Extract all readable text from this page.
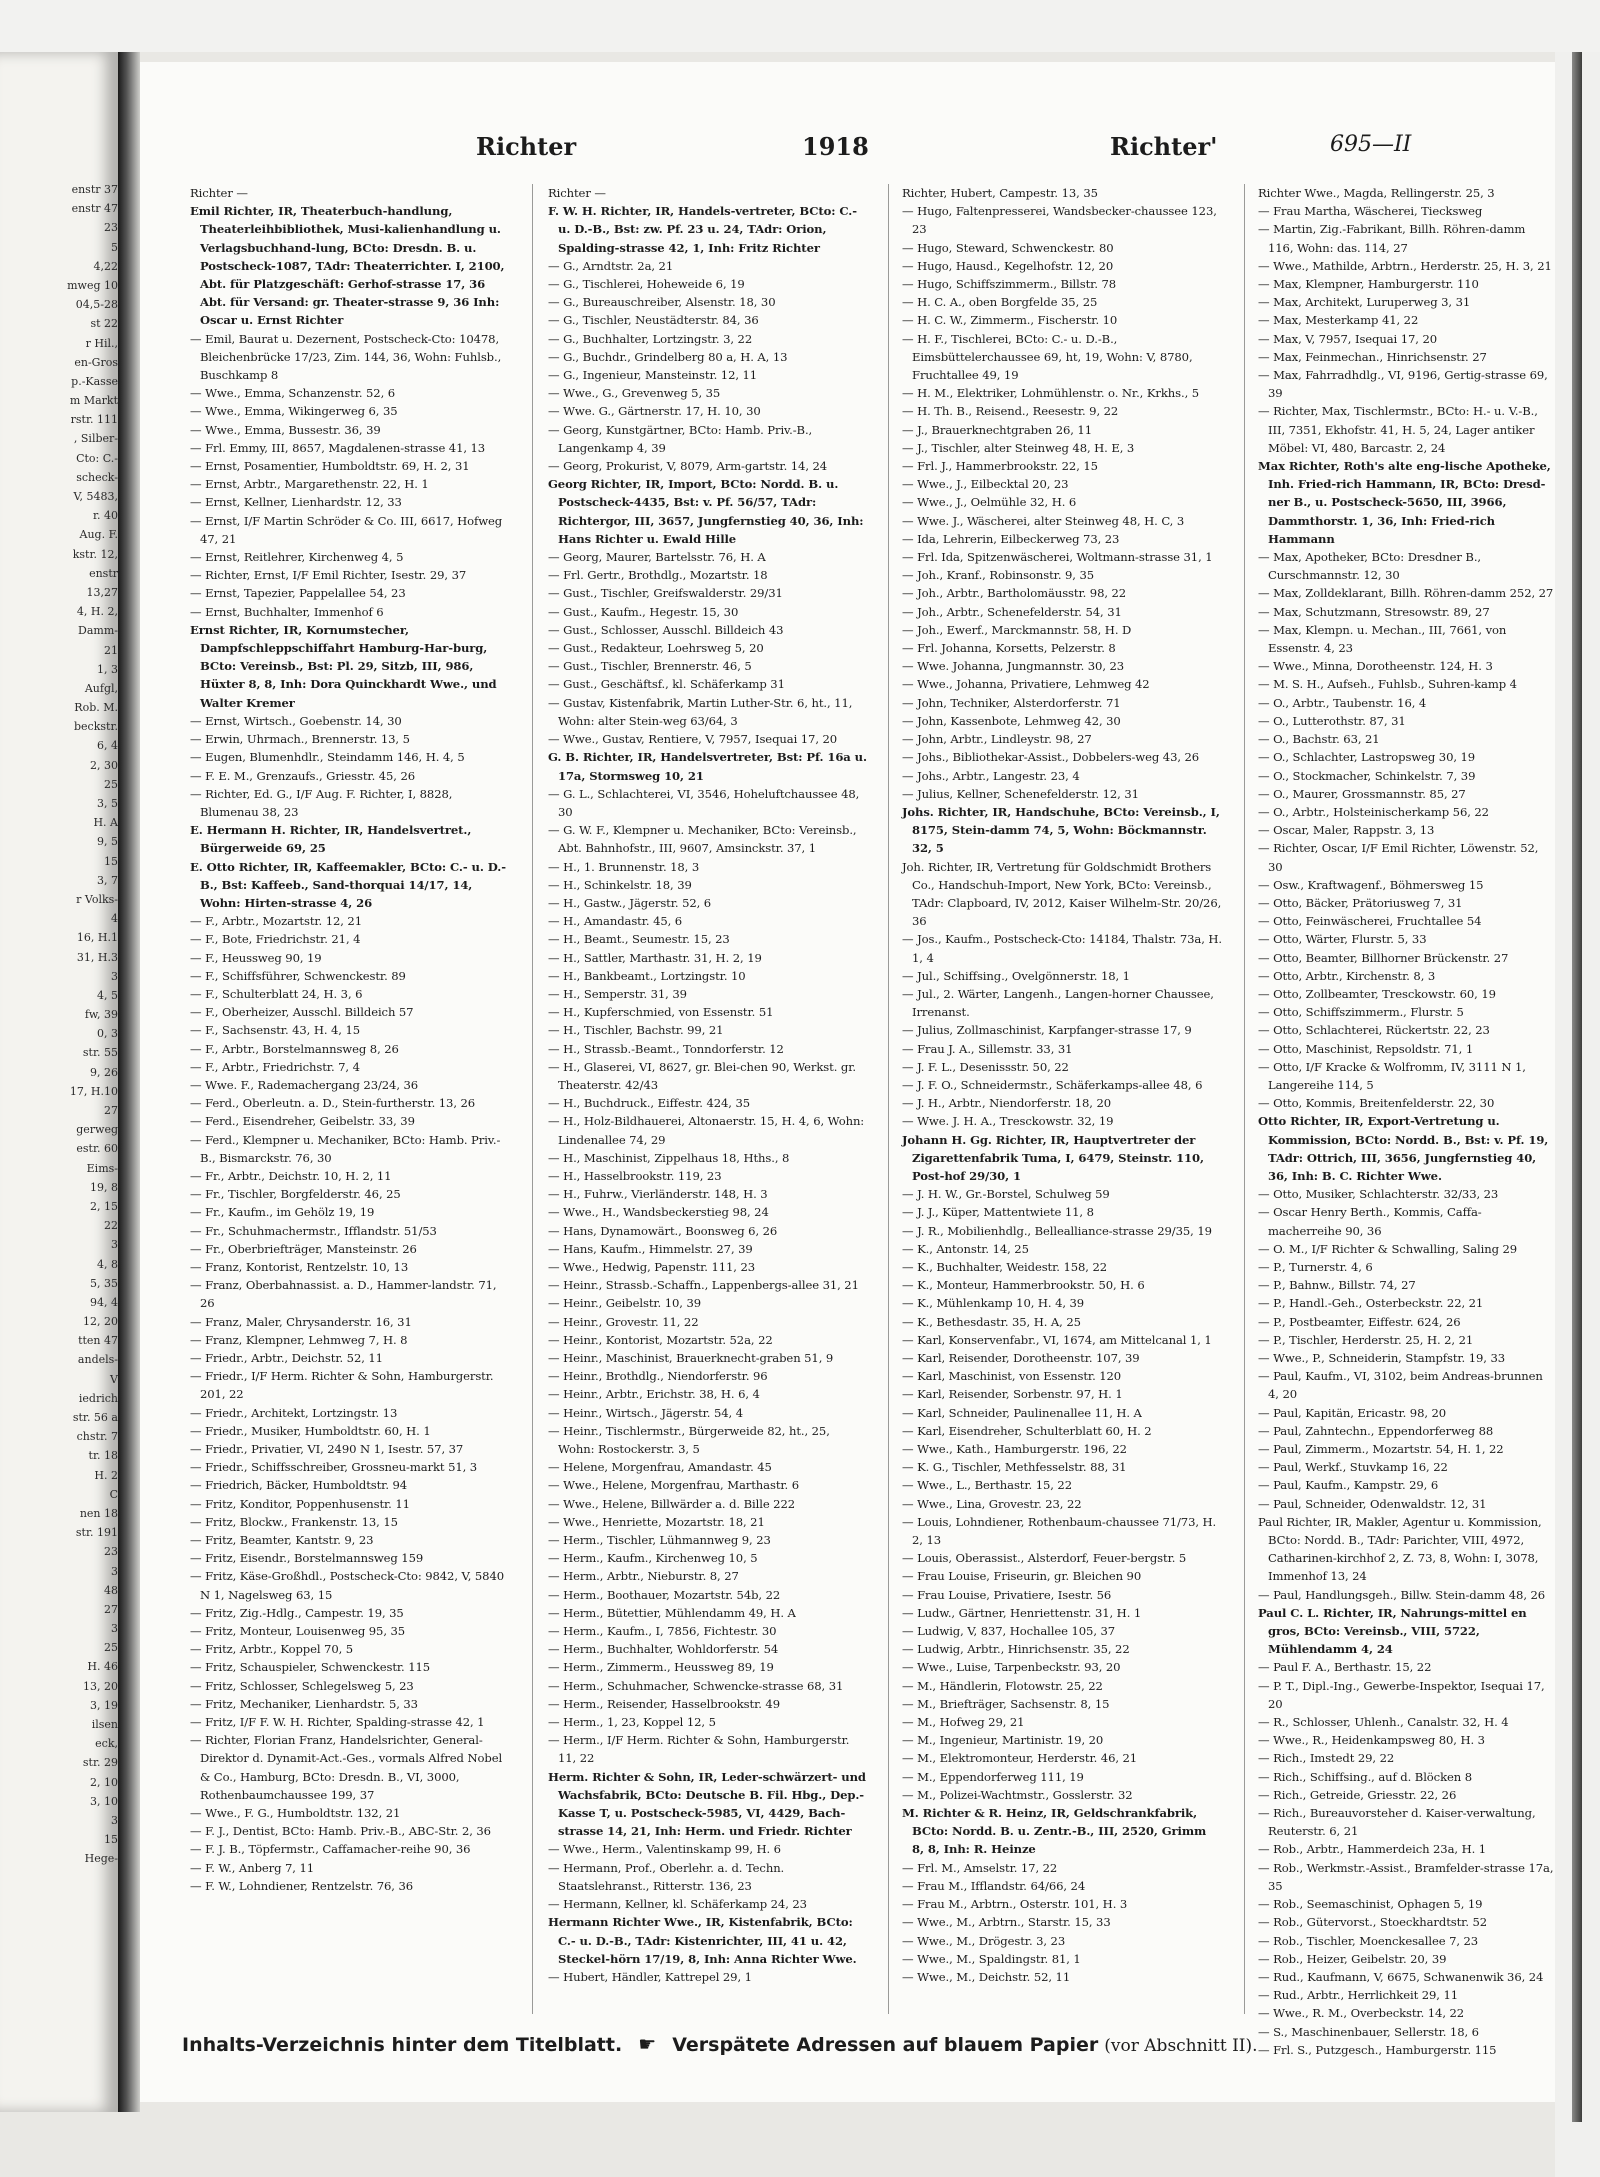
enstr 37
enstr 47
23
5
4,22
mweg 10
04,5-28
st 22
r Hil.,
en-Gros
p.-Kasse
m Markt
rstr. 111
, Silber-
Cto: C.-
scheck-
V, 5483,
r. 40
Aug. F.
kstr. 12,
enstr
13,27
4, H. 2,
Damm-
21
1, 3
Aufgl,
Rob. M.
beckstr.
6, 4
2, 30
25
3, 5
H. A
9, 5
15
3, 7
r Volks-
4
16, H.1
31, H.3
3
4, 5
fw, 39
0, 3
str. 55
9, 26
17, H.10
27
gerweg
estr. 60
Eims-
19, 8
2, 15
22
3
4, 8
5, 35
94, 4
12, 20
tten 47
andels-
V
iedrich
str. 56 a
chstr. 7
tr. 18
H. 2
C
nen 18
str. 191
23
3
48
27
3
25
H. 46
13, 20
3, 19
ilsen
eck,
str. 29
2, 10
3, 10
3
15
Hege-
Richter	1918	Richter'	695—II
Richter —
Emil Richter, IR, Theaterbuch-handlung, Theaterleihbibliothek, Musi-kalienhandlung u. Verlagsbuchhand-lung, BCto: Dresdn. B. u. Postscheck-1087, TAdr: Theaterrichter. I, 2100, Abt. für Platzgeschäft: Gerhof-strasse 17, 36 Abt. für Versand: gr. Theater-strasse 9, 36 Inh: Oscar u. Ernst Richter
— Emil, Baurat u. Dezernent, Postscheck-Cto: 10478, Bleichenbrücke 17/23, Zim. 144, 36, Wohn: Fuhlsb., Buschkamp 8
— Wwe., Emma, Schanzenstr. 52, 6
— Wwe., Emma, Wikingerweg 6, 35
— Wwe., Emma, Bussestr. 36, 39
— Frl. Emmy, III, 8657, Magdalenen-strasse 41, 13
— Ernst, Posamentier, Humboldtstr. 69, H. 2, 31
— Ernst, Arbtr., Margarethenstr. 22, H. 1
— Ernst, Kellner, Lienhardstr. 12, 33
— Ernst, I/F Martin Schröder & Co. III, 6617, Hofweg 47, 21
— Ernst, Reitlehrer, Kirchenweg 4, 5
— Richter, Ernst, I/F Emil Richter, Isestr. 29, 37
— Ernst, Tapezier, Pappelallee 54, 23
— Ernst, Buchhalter, Immenhof 6
Ernst Richter, IR, Kornumstecher, Dampfschleppschiffahrt Hamburg-Har-burg, BCto: Vereinsb., Bst: Pl. 29, Sitzb, III, 986, Hüxter 8, 8, Inh: Dora Quinckhardt Wwe., und Walter Kremer
— Ernst, Wirtsch., Goebenstr. 14, 30
— Erwin, Uhrmach., Brennerstr. 13, 5
— Eugen, Blumenhdlr., Steindamm 146, H. 4, 5
— F. E. M., Grenzaufs., Griesstr. 45, 26
— Richter, Ed. G., I/F Aug. F. Richter, I, 8828, Blumenau 38, 23
E. Hermann H. Richter, IR, Handelsvertret., Bürgerweide 69, 25
E. Otto Richter, IR, Kaffeemakler, BCto: C.- u. D.-B., Bst: Kaffeeb., Sand-thorquai 14/17, 14, Wohn: Hirten-strasse 4, 26
— F., Arbtr., Mozartstr. 12, 21
— F., Bote, Friedrichstr. 21, 4
— F., Heussweg 90, 19
— F., Schiffsführer, Schwenckestr. 89
— F., Schulterblatt 24, H. 3, 6
— F., Oberheizer, Ausschl. Billdeich 57
— F., Sachsenstr. 43, H. 4, 15
— F., Arbtr., Borstelmannsweg 8, 26
— F., Arbtr., Friedrichstr. 7, 4
— Wwe. F., Rademachergang 23/24, 36
— Ferd., Oberleutn. a. D., Stein-furtherstr. 13, 26
— Ferd., Eisendreher, Geibelstr. 33, 39
— Ferd., Klempner u. Mechaniker, BCto: Hamb. Priv.-B., Bismarckstr. 76, 30
— Fr., Arbtr., Deichstr. 10, H. 2, 11
— Fr., Tischler, Borgfelderstr. 46, 25
— Fr., Kaufm., im Gehölz 19, 19
— Fr., Schuhmachermstr., Ifflandstr. 51/53
— Fr., Oberbriefträger, Mansteinstr. 26
— Franz, Kontorist, Rentzelstr. 10, 13
— Franz, Oberbahnassist. a. D., Hammer-landstr. 71, 26
— Franz, Maler, Chrysanderstr. 16, 31
— Franz, Klempner, Lehmweg 7, H. 8
— Friedr., Arbtr., Deichstr. 52, 11
— Friedr., I/F Herm. Richter & Sohn, Hamburgerstr. 201, 22
— Friedr., Architekt, Lortzingstr. 13
— Friedr., Musiker, Humboldtstr. 60, H. 1
— Friedr., Privatier, VI, 2490 N 1, Isestr. 57, 37
— Friedr., Schiffsschreiber, Grossneu-markt 51, 3
— Friedrich, Bäcker, Humboldtstr. 94
— Fritz, Konditor, Poppenhusenstr. 11
— Fritz, Blockw., Frankenstr. 13, 15
— Fritz, Beamter, Kantstr. 9, 23
— Fritz, Eisendr., Borstelmannsweg 159
— Fritz, Käse-Großhdl., Postscheck-Cto: 9842, V, 5840 N 1, Nagelsweg 63, 15
— Fritz, Zig.-Hdlg., Campestr. 19, 35
— Fritz, Monteur, Louisenweg 95, 35
— Fritz, Arbtr., Koppel 70, 5
— Fritz, Schauspieler, Schwenckestr. 115
— Fritz, Schlosser, Schlegelsweg 5, 23
— Fritz, Mechaniker, Lienhardstr. 5, 33
— Fritz, I/F F. W. H. Richter, Spalding-strasse 42, 1
— Richter, Florian Franz, Handelsrichter, General-Direktor d. Dynamit-Act.-Ges., vormals Alfred Nobel & Co., Hamburg, BCto: Dresdn. B., VI, 3000, Rothenbaumchaussee 199, 37
— Wwe., F. G., Humboldtstr. 132, 21
— F. J., Dentist, BCto: Hamb. Priv.-B., ABC-Str. 2, 36
— F. J. B., Töpfermstr., Caffamacher-reihe 90, 36
— F. W., Anberg 7, 11
— F. W., Lohndiener, Rentzelstr. 76, 36
Richter —
F. W. H. Richter, IR, Handels-vertreter, BCto: C.- u. D.-B., Bst: zw. Pf. 23 u. 24, TAdr: Orion, Spalding-strasse 42, 1, Inh: Fritz Richter
— G., Arndtstr. 2a, 21
— G., Tischlerei, Hoheweide 6, 19
— G., Bureauschreiber, Alsenstr. 18, 30
— G., Tischler, Neustädterstr. 84, 36
— G., Buchhalter, Lortzingstr. 3, 22
— G., Buchdr., Grindelberg 80 a, H. A, 13
— G., Ingenieur, Mansteinstr. 12, 11
— Wwe., G., Grevenweg 5, 35
— Wwe. G., Gärtnerstr. 17, H. 10, 30
— Georg, Kunstgärtner, BCto: Hamb. Priv.-B., Langenkamp 4, 39
— Georg, Prokurist, V, 8079, Arm-gartstr. 14, 24
Georg Richter, IR, Import, BCto: Nordd. B. u. Postscheck-4435, Bst: v. Pf. 56/57, TAdr: Richtergor, III, 3657, Jungfernstieg 40, 36, Inh: Hans Richter u. Ewald Hille
— Georg, Maurer, Bartelsstr. 76, H. A
— Frl. Gertr., Brothdlg., Mozartstr. 18
— Gust., Tischler, Greifswalderstr. 29/31
— Gust., Kaufm., Hegestr. 15, 30
— Gust., Schlosser, Ausschl. Billdeich 43
— Gust., Redakteur, Loehrsweg 5, 20
— Gust., Tischler, Brennerstr. 46, 5
— Gust., Geschäftsf., kl. Schäferkamp 31
— Gustav, Kistenfabrik, Martin Luther-Str. 6, ht., 11, Wohn: alter Stein-weg 63/64, 3
— Wwe., Gustav, Rentiere, V, 7957, Isequai 17, 20
G. B. Richter, IR, Handelsvertreter, Bst: Pf. 16a u. 17a, Stormsweg 10, 21
— G. L., Schlachterei, VI, 3546, Hoheluftchaussee 48, 30
— G. W. F., Klempner u. Mechaniker, BCto: Vereinsb., Abt. Bahnhofstr., III, 9607, Amsinckstr. 37, 1
— H., 1. Brunnenstr. 18, 3
— H., Schinkelstr. 18, 39
— H., Gastw., Jägerstr. 52, 6
— H., Amandastr. 45, 6
— H., Beamt., Seumestr. 15, 23
— H., Sattler, Marthastr. 31, H. 2, 19
— H., Bankbeamt., Lortzingstr. 10
— H., Semperstr. 31, 39
— H., Kupferschmied, von Essenstr. 51
— H., Tischler, Bachstr. 99, 21
— H., Strassb.-Beamt., Tonndorferstr. 12
— H., Glaserei, VI, 8627, gr. Blei-chen 90, Werkst. gr. Theaterstr. 42/43
— H., Buchdruck., Eiffestr. 424, 35
— H., Holz-Bildhauerei, Altonaerstr. 15, H. 4, 6, Wohn: Lindenallee 74, 29
— H., Maschinist, Zippelhaus 18, Hths., 8
— H., Hasselbrookstr. 119, 23
— H., Fuhrw., Vierländerstr. 148, H. 3
— Wwe., H., Wandsbeckerstieg 98, 24
— Hans, Dynamowärt., Boonsweg 6, 26
— Hans, Kaufm., Himmelstr. 27, 39
— Wwe., Hedwig, Papenstr. 111, 23
— Heinr., Strassb.-Schaffn., Lappenbergs-allee 31, 21
— Heinr., Geibelstr. 10, 39
— Heinr., Grovestr. 11, 22
— Heinr., Kontorist, Mozartstr. 52a, 22
— Heinr., Maschinist, Brauerknecht-graben 51, 9
— Heinr., Brothdlg., Niendorferstr. 96
— Heinr., Arbtr., Erichstr. 38, H. 6, 4
— Heinr., Wirtsch., Jägerstr. 54, 4
— Heinr., Tischlermstr., Bürgerweide 82, ht., 25, Wohn: Rostockerstr. 3, 5
— Helene, Morgenfrau, Amandastr. 45
— Wwe., Helene, Morgenfrau, Marthastr. 6
— Wwe., Helene, Billwärder a. d. Bille 222
— Wwe., Henriette, Mozartstr. 18, 21
— Herm., Tischler, Lühmannweg 9, 23
— Herm., Kaufm., Kirchenweg 10, 5
— Herm., Arbtr., Nieburstr. 8, 27
— Herm., Boothauer, Mozartstr. 54b, 22
— Herm., Bütettier, Mühlendamm 49, H. A
— Herm., Kaufm., I, 7856, Fichtestr. 30
— Herm., Buchhalter, Wohldorferstr. 54
— Herm., Zimmerm., Heussweg 89, 19
— Herm., Schuhmacher, Schwencke-strasse 68, 31
— Herm., Reisender, Hasselbrookstr. 49
— Herm., 1, 23, Koppel 12, 5
— Herm., I/F Herm. Richter & Sohn, Hamburgerstr. 11, 22
Herm. Richter & Sohn, IR, Leder-schwärzert- und Wachsfabrik, BCto: Deutsche B. Fil. Hbg., Dep.-Kasse T, u. Postscheck-5985, VI, 4429, Bach-strasse 14, 21, Inh: Herm. und Friedr. Richter
— Wwe., Herm., Valentinskamp 99, H. 6
— Hermann, Prof., Oberlehr. a. d. Techn. Staatslehranst., Ritterstr. 136, 23
— Hermann, Kellner, kl. Schäferkamp 24, 23
Hermann Richter Wwe., IR, Kistenfabrik, BCto: C.- u. D.-B., TAdr: Kistenrichter, III, 41 u. 42, Steckel-hörn 17/19, 8, Inh: Anna Richter Wwe.
— Hubert, Händler, Kattrepel 29, 1
Richter, Hubert, Campestr. 13, 35
— Hugo, Faltenpresserei, Wandsbecker-chaussee 123, 23
— Hugo, Steward, Schwenckestr. 80
— Hugo, Hausd., Kegelhofstr. 12, 20
— Hugo, Schiffszimmerm., Billstr. 78
— H. C. A., oben Borgfelde 35, 25
— H. C. W., Zimmerm., Fischerstr. 10
— H. F., Tischlerei, BCto: C.- u. D.-B., Eimsbüttelerchaussee 69, ht, 19, Wohn: V, 8780, Fruchtallee 49, 19
— H. M., Elektriker, Lohmühlenstr. o. Nr., Krkhs., 5
— H. Th. B., Reisend., Reesestr. 9, 22
— J., Brauerknechtgraben 26, 11
— J., Tischler, alter Steinweg 48, H. E, 3
— Frl. J., Hammerbrookstr. 22, 15
— Wwe., J., Eilbecktal 20, 23
— Wwe., J., Oelmühle 32, H. 6
— Wwe. J., Wäscherei, alter Steinweg 48, H. C, 3
— Ida, Lehrerin, Eilbeckerweg 73, 23
— Frl. Ida, Spitzenwäscherei, Woltmann-strasse 31, 1
— Joh., Kranf., Robinsonstr. 9, 35
— Joh., Arbtr., Bartholomäusstr. 98, 22
— Joh., Arbtr., Schenefelderstr. 54, 31
— Joh., Ewerf., Marckmannstr. 58, H. D
— Frl. Johanna, Korsetts, Pelzerstr. 8
— Wwe. Johanna, Jungmannstr. 30, 23
— Wwe., Johanna, Privatiere, Lehmweg 42
— John, Techniker, Alsterdorferstr. 71
— John, Kassenbote, Lehmweg 42, 30
— John, Arbtr., Lindleystr. 98, 27
— Johs., Bibliothekar-Assist., Dobbelers-weg 43, 26
— Johs., Arbtr., Langestr. 23, 4
— Julius, Kellner, Schenefelderstr. 12, 31
Johs. Richter, IR, Handschuhe, BCto: Vereinsb., I, 8175, Stein-damm 74, 5, Wohn: Böckmannstr. 32, 5
Joh. Richter, IR, Vertretung für Goldschmidt Brothers Co., Handschuh-Import, New York, BCto: Vereinsb., TAdr: Clapboard, IV, 2012, Kaiser Wilhelm-Str. 20/26, 36
— Jos., Kaufm., Postscheck-Cto: 14184, Thalstr. 73a, H. 1, 4
— Jul., Schiffsing., Ovelgönnerstr. 18, 1
— Jul., 2. Wärter, Langenh., Langen-horner Chaussee, Irrenanst.
— Julius, Zollmaschinist, Karpfanger-strasse 17, 9
— Frau J. A., Sillemstr. 33, 31
— J. F. L., Desenissstr. 50, 22
— J. F. O., Schneidermstr., Schäferkamps-allee 48, 6
— J. H., Arbtr., Niendorferstr. 18, 20
— Wwe. J. H. A., Tresckowstr. 32, 19
Johann H. Gg. Richter, IR, Hauptvertreter der Zigarettenfabrik Tuma, I, 6479, Steinstr. 110, Post-hof 29/30, 1
— J. H. W., Gr.-Borstel, Schulweg 59
— J. J., Küper, Mattentwiete 11, 8
— J. R., Mobilienhdlg., Bellealliance-strasse 29/35, 19
— K., Antonstr. 14, 25
— K., Buchhalter, Weidestr. 158, 22
— K., Monteur, Hammerbrookstr. 50, H. 6
— K., Mühlenkamp 10, H. 4, 39
— K., Bethesdastr. 35, H. A, 25
— Karl, Konservenfabr., VI, 1674, am Mittelcanal 1, 1
— Karl, Reisender, Dorotheenstr. 107, 39
— Karl, Maschinist, von Essenstr. 120
— Karl, Reisender, Sorbenstr. 97, H. 1
— Karl, Schneider, Paulinenallee 11, H. A
— Karl, Eisendreher, Schulterblatt 60, H. 2
— Wwe., Kath., Hamburgerstr. 196, 22
— K. G., Tischler, Methfesselstr. 88, 31
— Wwe., L., Berthastr. 15, 22
— Wwe., Lina, Grovestr. 23, 22
— Louis, Lohndiener, Rothenbaum-chaussee 71/73, H. 2, 13
— Louis, Oberassist., Alsterdorf, Feuer-bergstr. 5
— Frau Louise, Friseurin, gr. Bleichen 90
— Frau Louise, Privatiere, Isestr. 56
— Ludw., Gärtner, Henriettenstr. 31, H. 1
— Ludwig, V, 837, Hochallee 105, 37
— Ludwig, Arbtr., Hinrichsenstr. 35, 22
— Wwe., Luise, Tarpenbeckstr. 93, 20
— M., Händlerin, Flotowstr. 25, 22
— M., Briefträger, Sachsenstr. 8, 15
— M., Hofweg 29, 21
— M., Ingenieur, Martinistr. 19, 20
— M., Elektromonteur, Herderstr. 46, 21
— M., Eppendorferweg 111, 19
— M., Polizei-Wachtmstr., Gosslerstr. 32
M. Richter & R. Heinz, IR, Geldschrankfabrik, BCto: Nordd. B. u. Zentr.-B., III, 2520, Grimm 8, 8, Inh: R. Heinze
— Frl. M., Amselstr. 17, 22
— Frau M., Ifflandstr. 64/66, 24
— Frau M., Arbtrn., Osterstr. 101, H. 3
— Wwe., M., Arbtrn., Starstr. 15, 33
— Wwe., M., Drögestr. 3, 23
— Wwe., M., Spaldingstr. 81, 1
— Wwe., M., Deichstr. 52, 11
Richter Wwe., Magda, Rellingerstr. 25, 3
— Frau Martha, Wäscherei, Tiecksweg
— Martin, Zig.-Fabrikant, Billh. Röhren-damm 116, Wohn: das. 114, 27
— Wwe., Mathilde, Arbtrn., Herderstr. 25, H. 3, 21
— Max, Klempner, Hamburgerstr. 110
— Max, Architekt, Luruperweg 3, 31
— Max, Mesterkamp 41, 22
— Max, V, 7957, Isequai 17, 20
— Max, Feinmechan., Hinrichsenstr. 27
— Max, Fahrradhdlg., VI, 9196, Gertig-strasse 69, 39
— Richter, Max, Tischlermstr., BCto: H.- u. V.-B., III, 7351, Ekhofstr. 41, H. 5, 24, Lager antiker Möbel: VI, 480, Barcastr. 2, 24
Max Richter, Roth's alte eng-lische Apotheke, Inh. Fried-rich Hammann, IR, BCto: Dresd-ner B., u. Postscheck-5650, III, 3966, Dammthorstr. 1, 36, Inh: Fried-rich Hammann
— Max, Apotheker, BCto: Dresdner B., Curschmannstr. 12, 30
— Max, Zolldeklarant, Billh. Röhren-damm 252, 27
— Max, Schutzmann, Stresowstr. 89, 27
— Max, Klempn. u. Mechan., III, 7661, von Essenstr. 4, 23
— Wwe., Minna, Dorotheenstr. 124, H. 3
— M. S. H., Aufseh., Fuhlsb., Suhren-kamp 4
— O., Arbtr., Taubenstr. 16, 4
— O., Lutterothstr. 87, 31
— O., Bachstr. 63, 21
— O., Schlachter, Lastropsweg 30, 19
— O., Stockmacher, Schinkelstr. 7, 39
— O., Maurer, Grossmannstr. 85, 27
— O., Arbtr., Holsteinischerkamp 56, 22
— Oscar, Maler, Rappstr. 3, 13
— Richter, Oscar, I/F Emil Richter, Löwenstr. 52, 30
— Osw., Kraftwagenf., Böhmersweg 15
— Otto, Bäcker, Prätoriusweg 7, 31
— Otto, Feinwäscherei, Fruchtallee 54
— Otto, Wärter, Flurstr. 5, 33
— Otto, Beamter, Billhorner Brückenstr. 27
— Otto, Arbtr., Kirchenstr. 8, 3
— Otto, Zollbeamter, Tresckowstr. 60, 19
— Otto, Schiffszimmerm., Flurstr. 5
— Otto, Schlachterei, Rückertstr. 22, 23
— Otto, Maschinist, Repsoldstr. 71, 1
— Otto, I/F Kracke & Wolfromm, IV, 3111 N 1, Langereihe 114, 5
— Otto, Kommis, Breitenfelderstr. 22, 30
Otto Richter, IR, Export-Vertretung u. Kommission, BCto: Nordd. B., Bst: v. Pf. 19, TAdr: Ottrich, III, 3656, Jungfernstieg 40, 36, Inh: B. C. Richter Wwe.
— Otto, Musiker, Schlachterstr. 32/33, 23
— Oscar Henry Berth., Kommis, Caffa-macherreihe 90, 36
— O. M., I/F Richter & Schwalling, Saling 29
— P., Turnerstr. 4, 6
— P., Bahnw., Billstr. 74, 27
— P., Handl.-Geh., Osterbeckstr. 22, 21
— P., Postbeamter, Eiffestr. 624, 26
— P., Tischler, Herderstr. 25, H. 2, 21
— Wwe., P., Schneiderin, Stampfstr. 19, 33
— Paul, Kaufm., VI, 3102, beim Andreas-brunnen 4, 20
— Paul, Kapitän, Ericastr. 98, 20
— Paul, Zahntechn., Eppendorferweg 88
— Paul, Zimmerm., Mozartstr. 54, H. 1, 22
— Paul, Werkf., Stuvkamp 16, 22
— Paul, Kaufm., Kampstr. 29, 6
— Paul, Schneider, Odenwaldstr. 12, 31
Paul Richter, IR, Makler, Agentur u. Kommission, BCto: Nordd. B., TAdr: Parichter, VIII, 4972, Catharinen-kirchhof 2, Z. 73, 8, Wohn: I, 3078, Immenhof 13, 24
— Paul, Handlungsgeh., Billw. Stein-damm 48, 26
Paul C. L. Richter, IR, Nahrungs-mittel en gros, BCto: Vereinsb., VIII, 5722, Mühlendamm 4, 24
— Paul F. A., Berthastr. 15, 22
— P. T., Dipl.-Ing., Gewerbe-Inspektor, Isequai 17, 20
— R., Schlosser, Uhlenh., Canalstr. 32, H. 4
— Wwe., R., Heidenkampsweg 80, H. 3
— Rich., Imstedt 29, 22
— Rich., Schiffsing., auf d. Blöcken 8
— Rich., Getreide, Griesstr. 22, 26
— Rich., Bureauvorsteher d. Kaiser-verwaltung, Reuterstr. 6, 21
— Rob., Arbtr., Hammerdeich 23a, H. 1
— Rob., Werkmstr.-Assist., Bramfelder-strasse 17a, 35
— Rob., Seemaschinist, Ophagen 5, 19
— Rob., Gütervorst., Stoeckhardtstr. 52
— Rob., Tischler, Moenckesallee 7, 23
— Rob., Heizer, Geibelstr. 20, 39
— Rud., Kaufmann, V, 6675, Schwanenwik 36, 24
— Rud., Arbtr., Herrlichkeit 29, 11
— Wwe., R. M., Overbeckstr. 14, 22
— S., Maschinenbauer, Sellerstr. 18, 6
— Frl. S., Putzgesch., Hamburgerstr. 115
Inhalts-Verzeichnis hinter dem Titelblatt. ☛ Verspätete Adressen auf blauem Papier (vor Abschnitt II).
